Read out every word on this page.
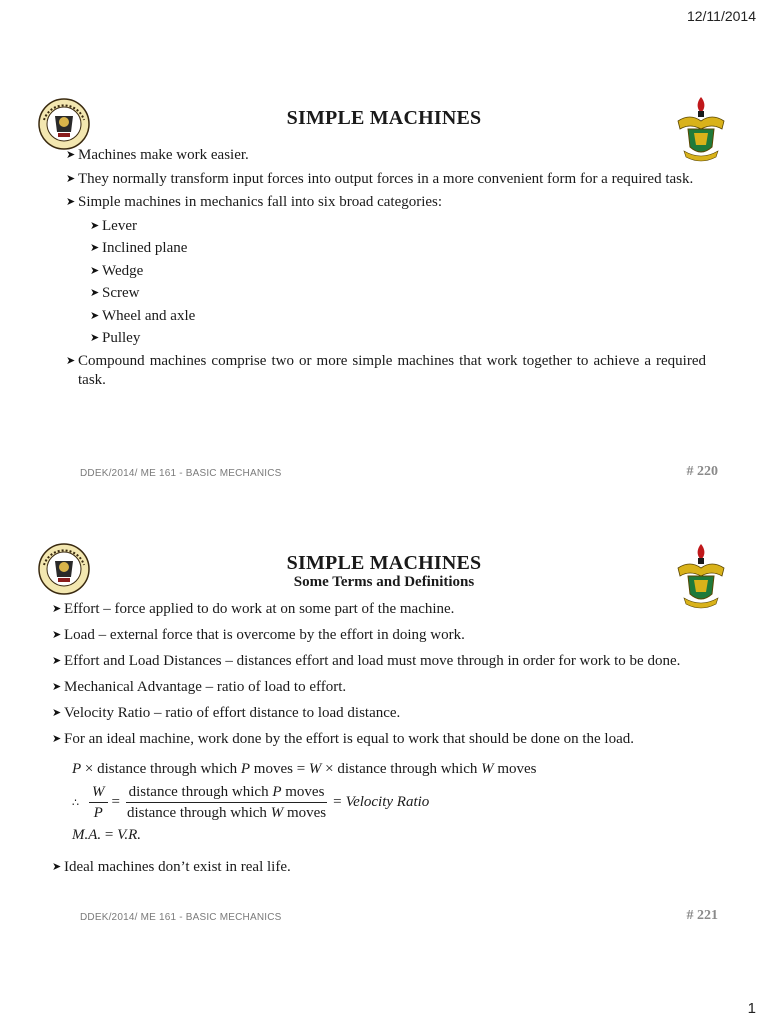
12/11/2014
SIMPLE MACHINES
➤ Machines make work easier.
➤ They normally transform input forces into output forces in a more convenient form for a required task.
➤ Simple machines in mechanics fall into six broad categories:
➤ Lever
➤ Inclined plane
➤ Wedge
➤ Screw
➤ Wheel and axle
➤ Pulley
➤ Compound machines comprise two or more simple machines that work together to achieve a required task.
DDEK/2014/ ME 161 - BASIC MECHANICS	# 220
SIMPLE MACHINES
Some Terms and Definitions
➤ Effort – force applied to do work at on some part of the machine.
➤ Load – external force that is overcome by the effort in doing work.
➤ Effort and Load Distances – distances effort and load must move through in order for work to be done.
➤ Mechanical Advantage – ratio of load to effort.
➤ Velocity Ratio – ratio of effort distance to load distance.
➤ For an ideal machine, work done by the effort is equal to work that should be done on the load.
P × distance through which P moves = W × distance through which W moves
∴ $\frac{W}{P} = \frac{\text{distance through which P moves}}{\text{distance through which W moves}}$ = Velocity Ratio
M.A. = V.R.
➤ Ideal machines don’t exist in real life.
DDEK/2014/ ME 161 - BASIC MECHANICS	# 221
1
